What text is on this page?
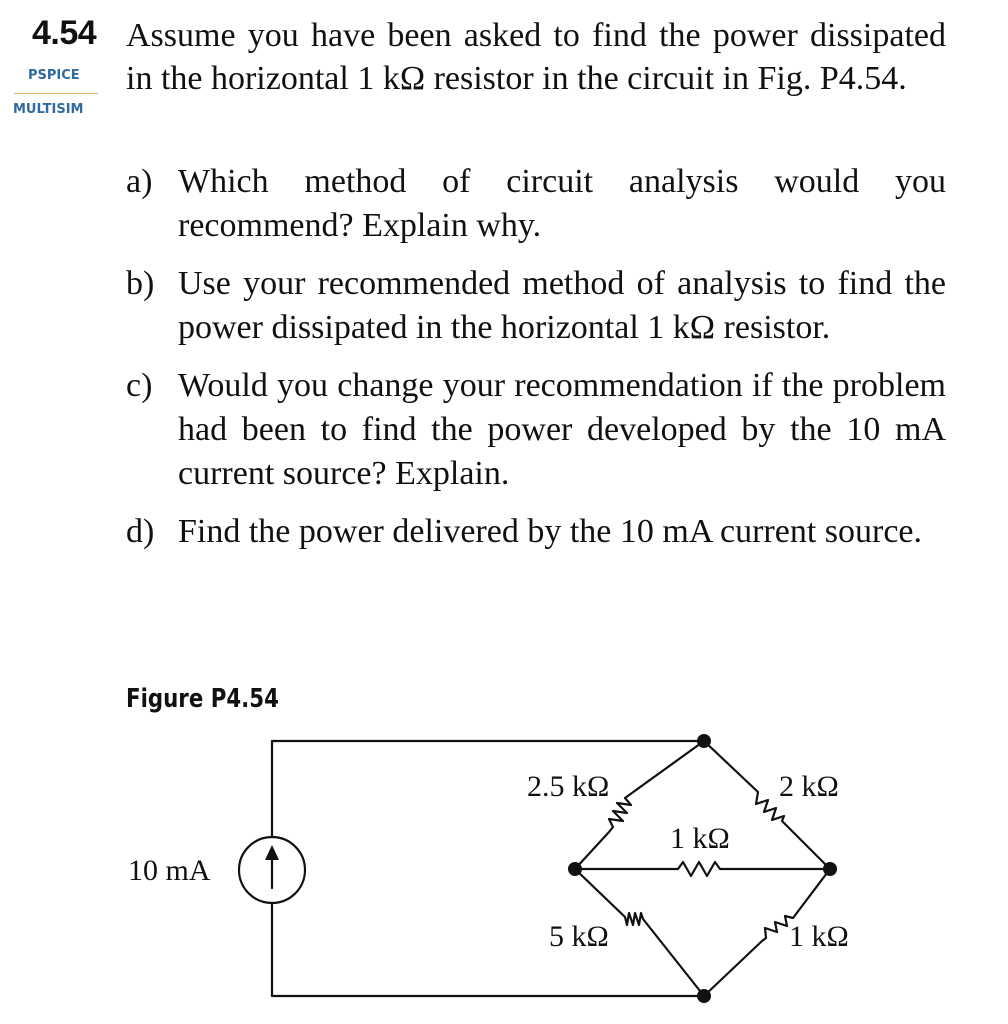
4.54
PSPICE
MULTISIM
Assume you have been asked to find the power dissipated in the horizontal 1 kΩ resistor in the circuit in Fig. P4.54.
a) Which method of circuit analysis would you recommend? Explain why.
b) Use your recommended method of analysis to find the power dissipated in the horizontal 1 kΩ resistor.
c) Would you change your recommendation if the problem had been to find the power developed by the 10 mA current source? Explain.
d) Find the power delivered by the 10 mA current source.
Figure P4.54
10 mA
2.5 kΩ	2 kΩ
1 kΩ
5 kΩ	1 kΩ
